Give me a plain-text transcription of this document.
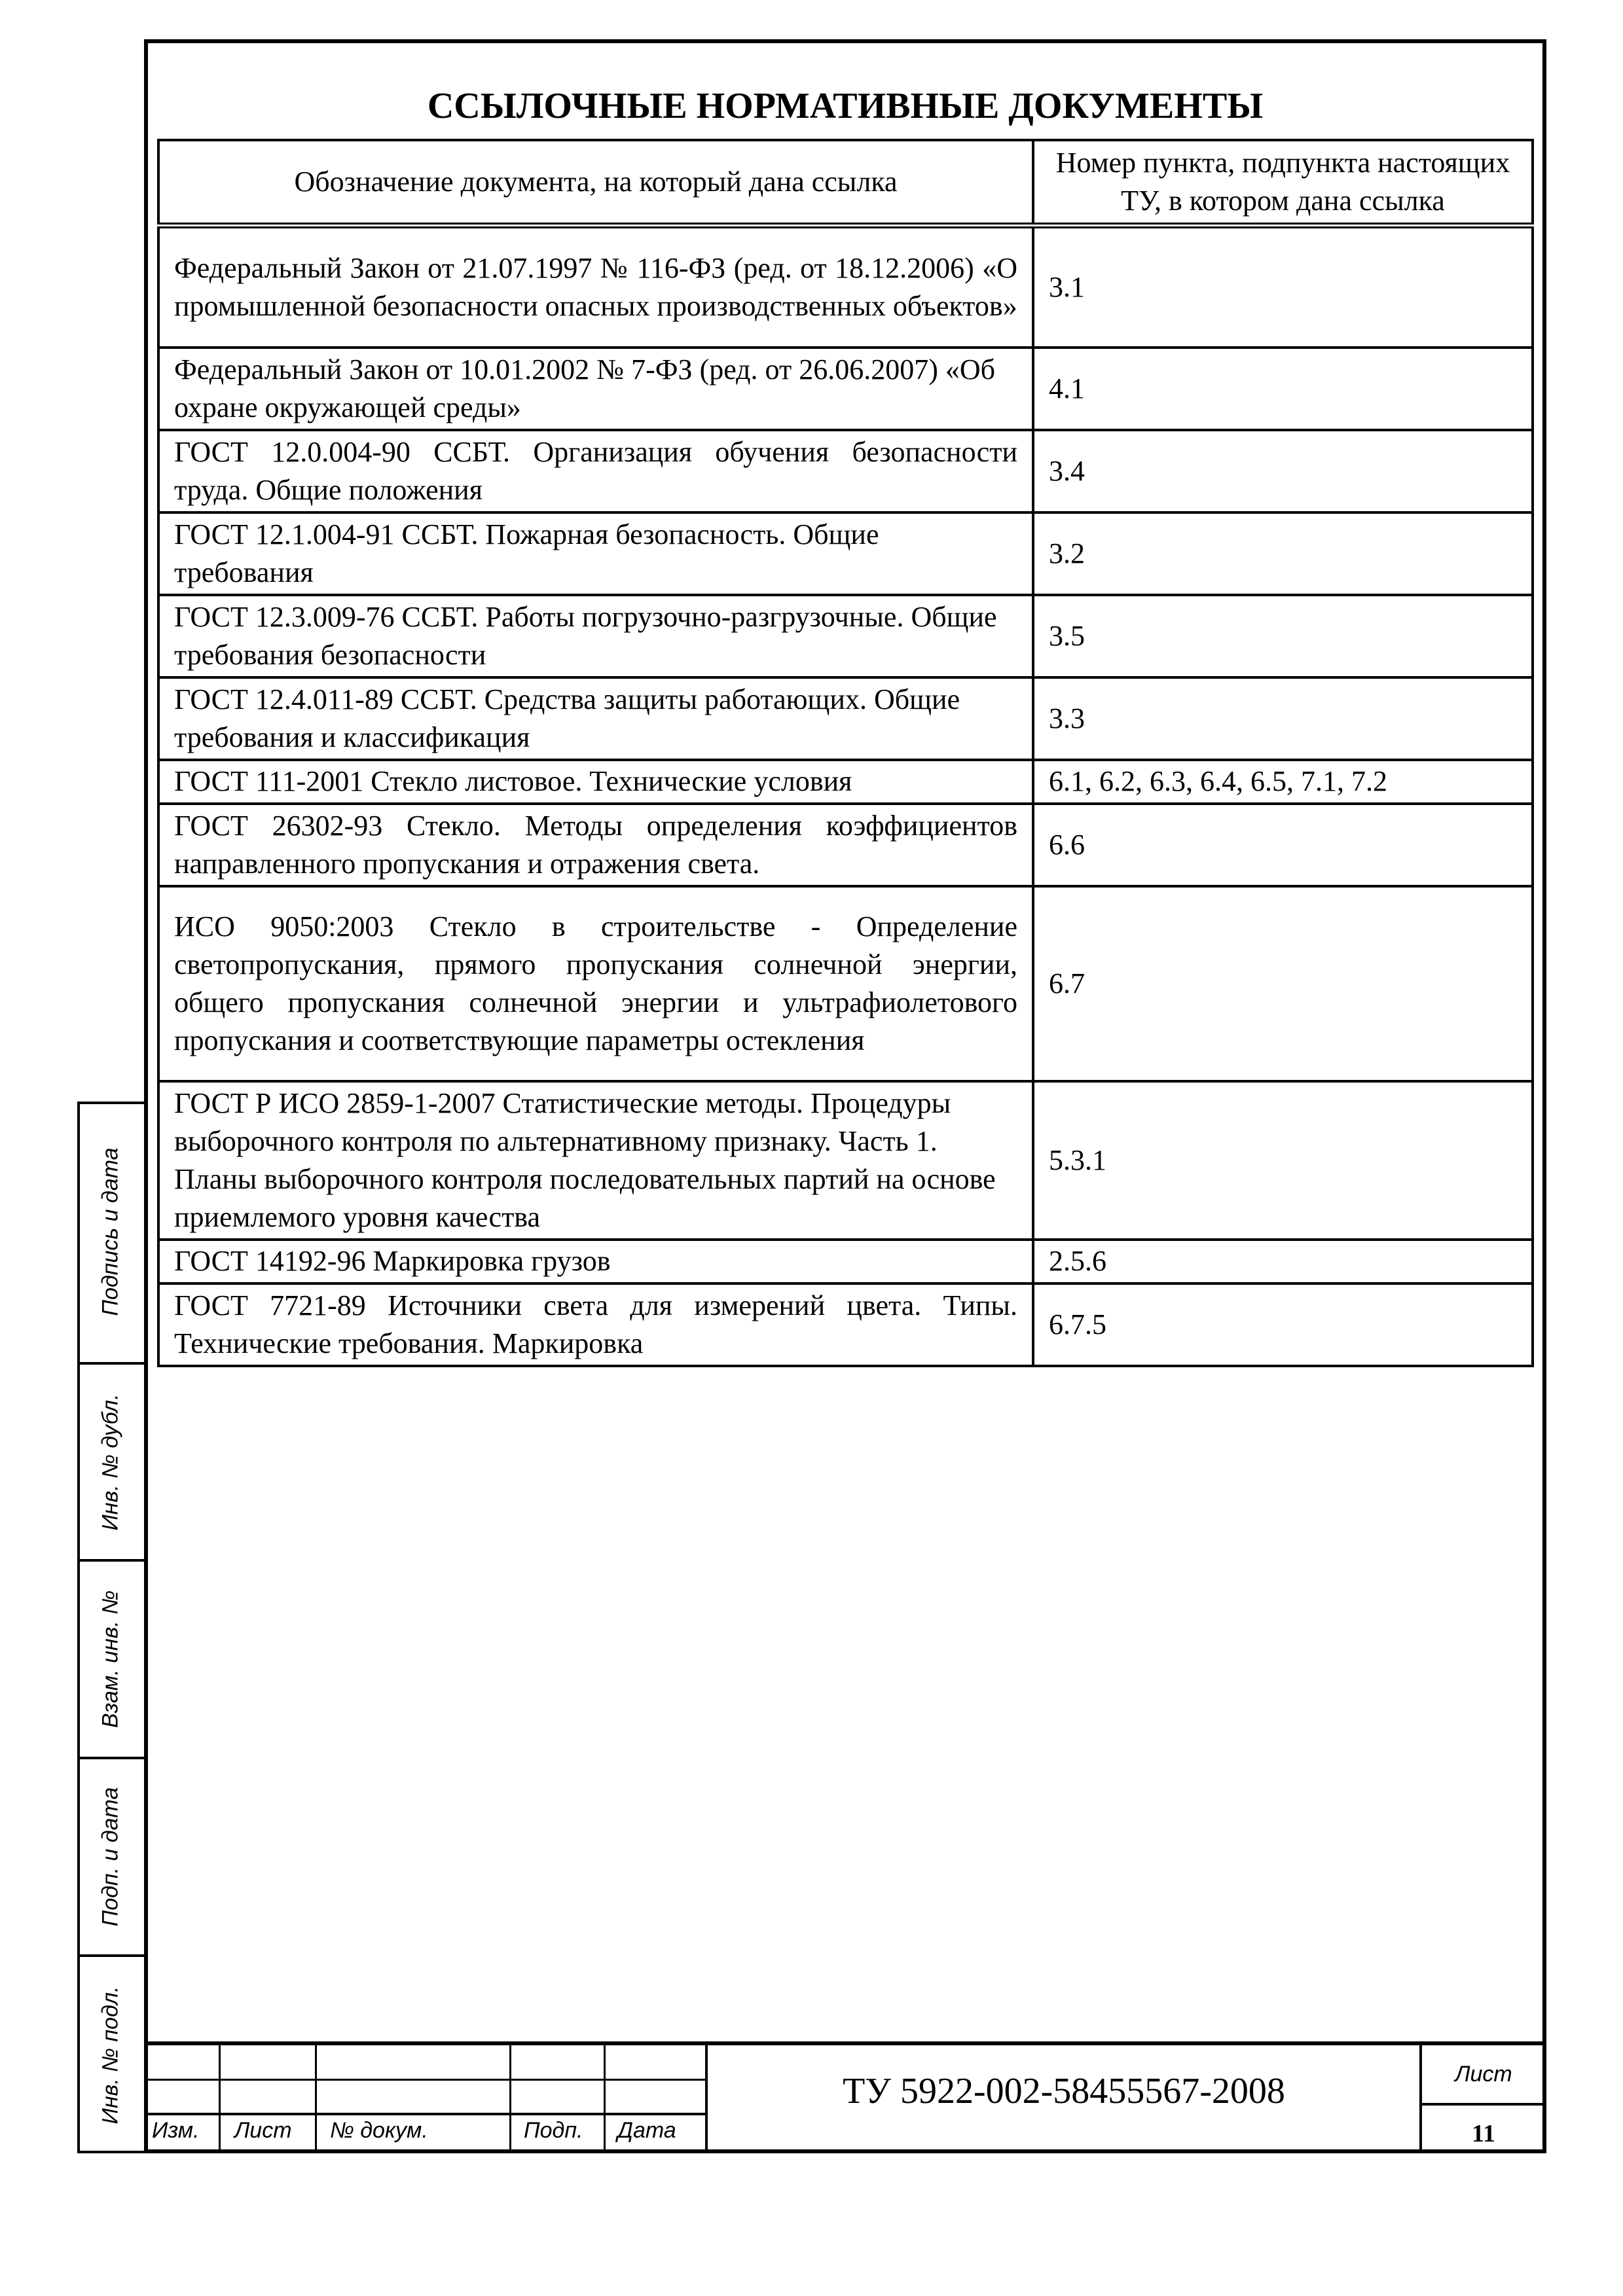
ССЫЛОЧНЫЕ НОРМАТИВНЫЕ ДОКУМЕНТЫ
Обозначение документа, на который дана ссылка	Номер пункта, подпункта настоящих ТУ, в котором дана ссылка
Федеральный Закон от 21.07.1997 № 116-ФЗ (ред. от 18.12.2006) «О промышленной безопасности опасных производственных объектов»	3.1
Федеральный Закон от 10.01.2002 № 7-ФЗ (ред. от 26.06.2007) «Об охране окружающей среды»	4.1
ГОСТ 12.0.004-90 ССБТ. Организация обучения безопасности труда. Общие положения	3.4
ГОСТ 12.1.004-91 ССБТ. Пожарная безопасность. Общие требования	3.2
ГОСТ 12.3.009-76 ССБТ. Работы погрузочно-разгрузочные. Общие требования безопасности	3.5
ГОСТ 12.4.011-89 ССБТ. Средства защиты работающих. Общие требования и классификация	3.3
ГОСТ 111-2001 Стекло листовое. Технические условия	6.1, 6.2, 6.3, 6.4, 6.5, 7.1, 7.2
ГОСТ 26302-93 Стекло. Методы определения коэффициентов направленного пропускания и отражения света.	6.6
ИСО 9050:2003 Стекло в строительстве - Определение светопропускания, прямого пропускания солнечной энергии, общего пропускания солнечной энергии и ультрафиолетового пропускания и соответствующие параметры остекления	6.7
ГОСТ Р ИСО 2859-1-2007 Статистические методы. Процедуры выборочного контроля по альтернативному признаку. Часть 1. Планы выборочного контроля последовательных партий на основе приемлемого уровня качества	5.3.1
ГОСТ 14192-96 Маркировка грузов	2.5.6
ГОСТ 7721-89 Источники света для измерений цвета. Типы. Технические требования. Маркировка	6.7.5
Подпись и дата
Инв. № дубл.
Взам. инв. №
Подп. и дата
Инв. № подл.
Изм. Лист № докум.	Подп. Дата
ТУ 5922-002-58455567-2008	Лист
11
